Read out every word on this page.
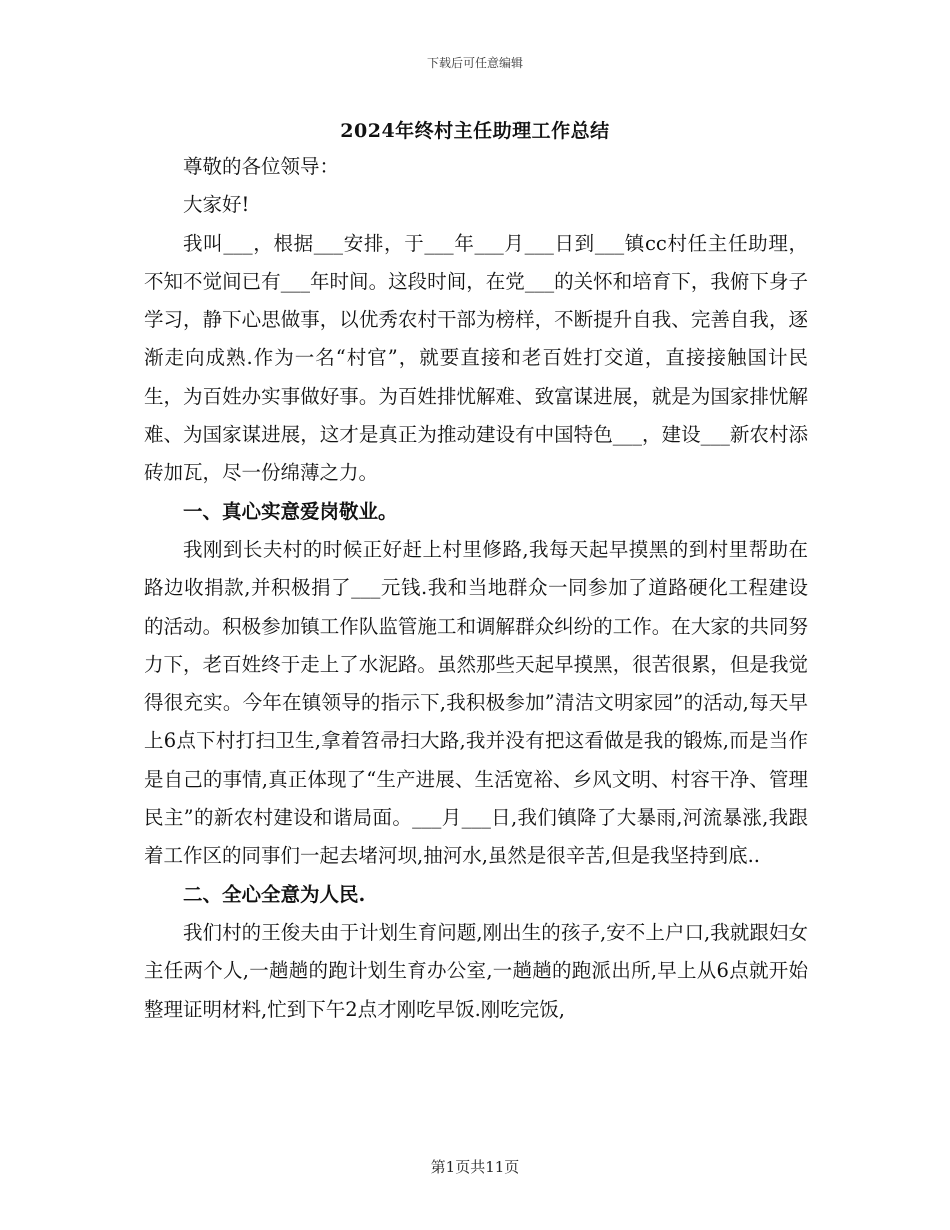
下载后可任意编辑
2024年终村主任助理工作总结

尊敬的各位领导：

大家好!

我叫___，根据___安排，于___年___月___日到___镇cc村任主任助理，不知不觉间已有___年时间。这段时间，在党___的关怀和培育下，我俯下身子学习，静下心思做事，以优秀农村干部为榜样，不断提升自我、完善自我，逐渐走向成熟.作为一名“村官”，就要直接和老百姓打交道，直接接触国计民生，为百姓办实事做好事。为百姓排忧解难、致富谋进展，就是为国家排忧解难、为国家谋进展，这才是真正为推动建设有中国特色___，建设___新农村添砖加瓦，尽一份绵薄之力。

一、真心实意爱岗敬业。

我刚到长夫村的时候正好赶上村里修路,我每天起早摸黑的到村里帮助在路边收捐款,并积极捐了___元钱.我和当地群众一同参加了道路硬化工程建设的活动。积极参加镇工作队监管施工和调解群众纠纷的工作。在大家的共同努力下，老百姓终于走上了水泥路。虽然那些天起早摸黑，很苦很累，但是我觉得很充实。今年在镇领导的指示下,我积极参加”清洁文明家园”的活动,每天早上6点下村打扫卫生,拿着笤帚扫大路,我并没有把这看做是我的锻炼,而是当作是自己的事情,真正体现了“生产进展、生活宽裕、乡风文明、村容干净、管理民主”的新农村建设和谐局面。___月___日,我们镇降了大暴雨,河流暴涨,我跟着工作区的同事们一起去堵河坝,抽河水,虽然是很辛苦,但是我坚持到底..

二、全心全意为人民.

我们村的王俊夫由于计划生育问题,刚出生的孩子,安不上户口,我就跟妇女主任两个人,一趟趟的跑计划生育办公室,一趟趟的跑派出所,早上从6点就开始整理证明材料,忙到下午2点才刚吃早饭.刚吃完饭,

第1页共11页
